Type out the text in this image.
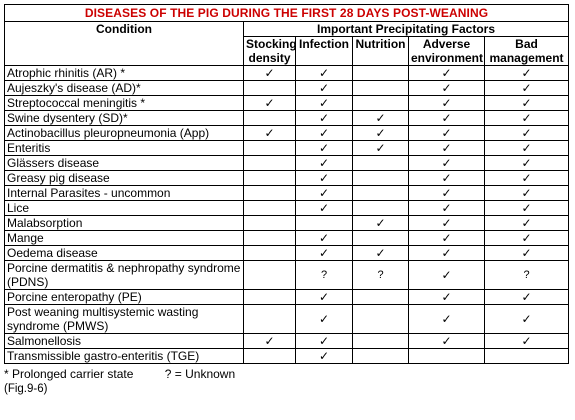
DISEASES OF THE PIG DURING THE FIRST 28 DAYS POST-WEANING					
Condition	Important Precipitating Factors				
	Stocking density	Infection	Nutrition	Adverse environment	Bad management
Atrophic rhinitis (AR) *	✓	✓		✓	✓
Aujeszky's disease (AD)*		✓		✓	✓
Streptococcal meningitis *	✓	✓		✓	✓
Swine dysentery (SD)*		✓	✓	✓	✓
Actinobacillus pleuropneumonia (App)	✓	✓	✓	✓	✓
Enteritis		✓	✓	✓	✓
Glässers disease		✓		✓	✓
Greasy pig disease		✓		✓	✓
Internal Parasites - uncommon		✓		✓	✓
Lice		✓		✓	✓
Malabsorption			✓	✓	✓
Mange		✓		✓	✓
Oedema disease		✓	✓	✓	✓
Porcine dermatitis & nephropathy syndrome (PDNS)		?	?	✓	?
Porcine enteropathy (PE)		✓		✓	✓
Post weaning multisystemic wasting syndrome (PMWS)		✓		✓	✓
Salmonellosis	✓	✓		✓	✓
Transmissible gastro-enteritis (TGE)		✓			
* Prolonged carrier state	? = Unknown
(Fig.9-6)
